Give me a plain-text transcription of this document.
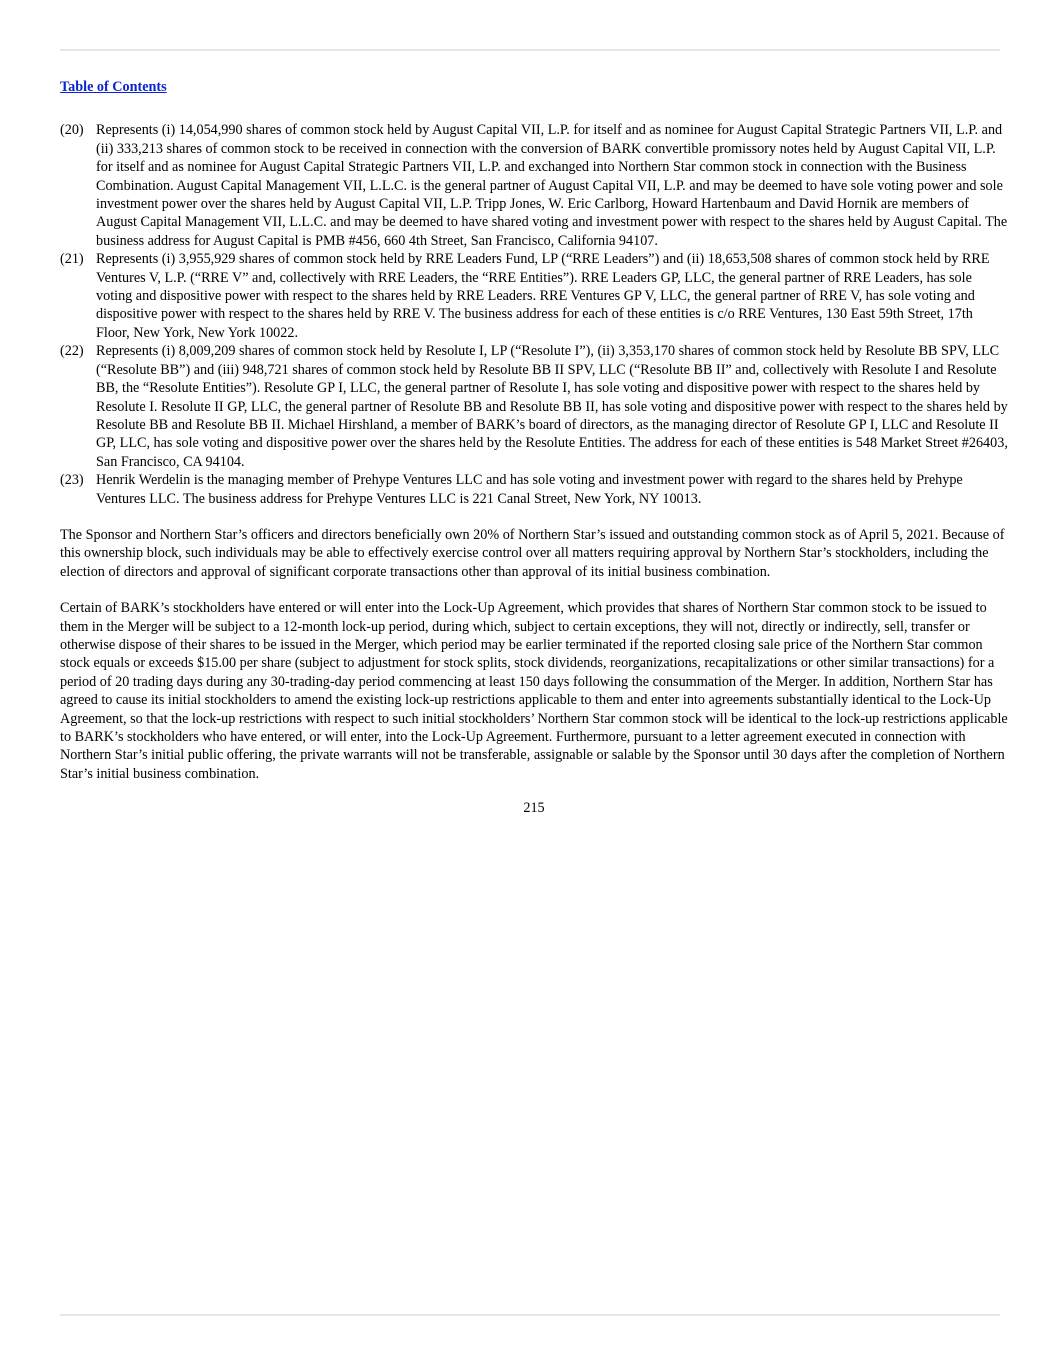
Table of Contents
(20) Represents (i) 14,054,990 shares of common stock held by August Capital VII, L.P. for itself and as nominee for August Capital Strategic Partners VII, L.P. and (ii) 333,213 shares of common stock to be received in connection with the conversion of BARK convertible promissory notes held by August Capital VII, L.P. for itself and as nominee for August Capital Strategic Partners VII, L.P. and exchanged into Northern Star common stock in connection with the Business Combination. August Capital Management VII, L.L.C. is the general partner of August Capital VII, L.P. and may be deemed to have sole voting power and sole investment power over the shares held by August Capital VII, L.P. Tripp Jones, W. Eric Carlborg, Howard Hartenbaum and David Hornik are members of August Capital Management VII, L.L.C. and may be deemed to have shared voting and investment power with respect to the shares held by August Capital. The business address for August Capital is PMB #456, 660 4th Street, San Francisco, California 94107.
(21) Represents (i) 3,955,929 shares of common stock held by RRE Leaders Fund, LP (“RRE Leaders”) and (ii) 18,653,508 shares of common stock held by RRE Ventures V, L.P. (“RRE V” and, collectively with RRE Leaders, the “RRE Entities”). RRE Leaders GP, LLC, the general partner of RRE Leaders, has sole voting and dispositive power with respect to the shares held by RRE Leaders. RRE Ventures GP V, LLC, the general partner of RRE V, has sole voting and dispositive power with respect to the shares held by RRE V. The business address for each of these entities is c/o RRE Ventures, 130 East 59th Street, 17th Floor, New York, New York 10022.
(22) Represents (i) 8,009,209 shares of common stock held by Resolute I, LP (“Resolute I”), (ii) 3,353,170 shares of common stock held by Resolute BB SPV, LLC (“Resolute BB”) and (iii) 948,721 shares of common stock held by Resolute BB II SPV, LLC (“Resolute BB II” and, collectively with Resolute I and Resolute BB, the “Resolute Entities”). Resolute GP I, LLC, the general partner of Resolute I, has sole voting and dispositive power with respect to the shares held by Resolute I. Resolute II GP, LLC, the general partner of Resolute BB and Resolute BB II, has sole voting and dispositive power with respect to the shares held by Resolute BB and Resolute BB II. Michael Hirshland, a member of BARK’s board of directors, as the managing director of Resolute GP I, LLC and Resolute II GP, LLC, has sole voting and dispositive power over the shares held by the Resolute Entities. The address for each of these entities is 548 Market Street #26403, San Francisco, CA 94104.
(23) Henrik Werdelin is the managing member of Prehype Ventures LLC and has sole voting and investment power with regard to the shares held by Prehype Ventures LLC. The business address for Prehype Ventures LLC is 221 Canal Street, New York, NY 10013.

The Sponsor and Northern Star’s officers and directors beneficially own 20% of Northern Star’s issued and outstanding common stock as of April 5, 2021. Because of this ownership block, such individuals may be able to effectively exercise control over all matters requiring approval by Northern Star’s stockholders, including the election of directors and approval of significant corporate transactions other than approval of its initial business combination.

Certain of BARK’s stockholders have entered or will enter into the Lock-Up Agreement, which provides that shares of Northern Star common stock to be issued to them in the Merger will be subject to a 12-month lock-up period, during which, subject to certain exceptions, they will not, directly or indirectly, sell, transfer or otherwise dispose of their shares to be issued in the Merger, which period may be earlier terminated if the reported closing sale price of the Northern Star common stock equals or exceeds $15.00 per share (subject to adjustment for stock splits, stock dividends, reorganizations, recapitalizations or other similar transactions) for a period of 20 trading days during any 30-trading-day period commencing at least 150 days following the consummation of the Merger. In addition, Northern Star has agreed to cause its initial stockholders to amend the existing lock-up restrictions applicable to them and enter into agreements substantially identical to the Lock-Up Agreement, so that the lock-up restrictions with respect to such initial stockholders’ Northern Star common stock will be identical to the lock-up restrictions applicable to BARK’s stockholders who have entered, or will enter, into the Lock-Up Agreement. Furthermore, pursuant to a letter agreement executed in connection with Northern Star’s initial public offering, the private warrants will not be transferable, assignable or salable by the Sponsor until 30 days after the completion of Northern Star’s initial business combination.

215
